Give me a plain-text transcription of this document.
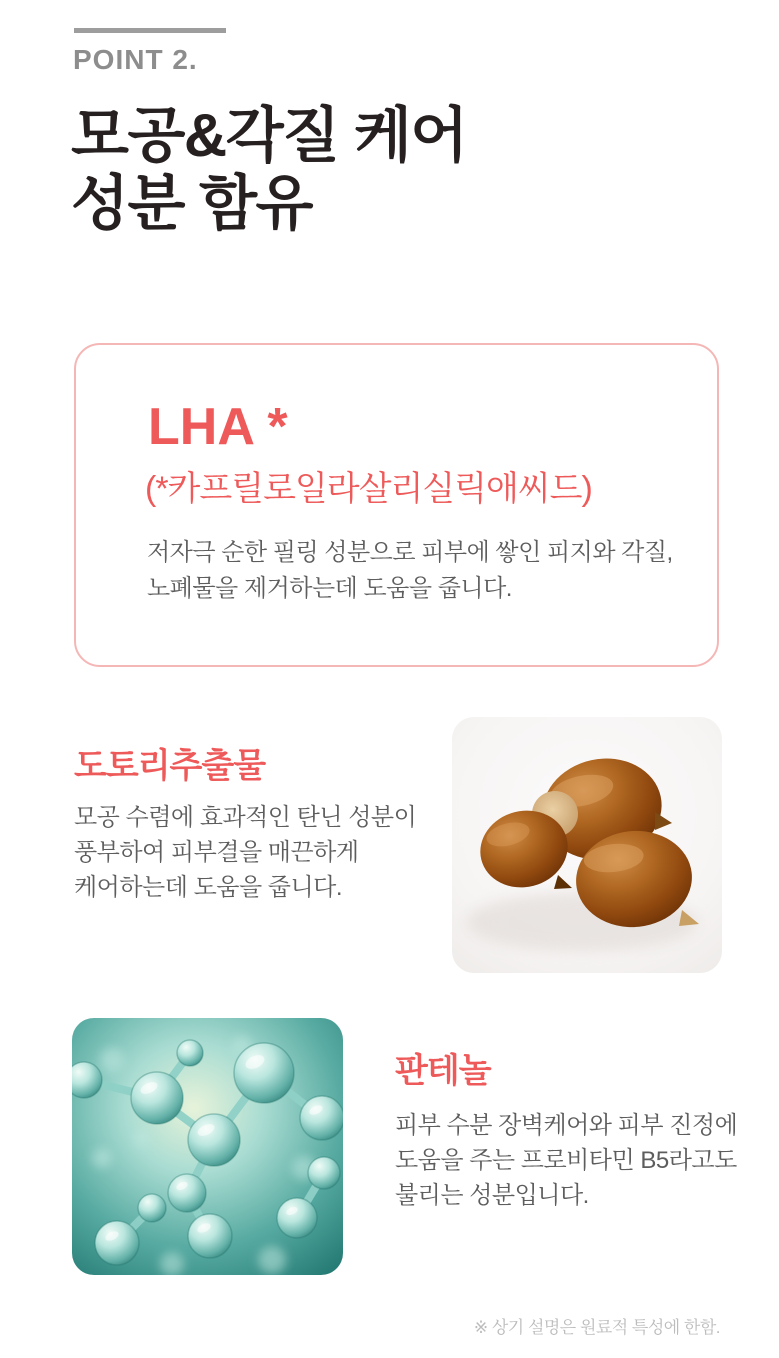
POINT 2.
모공&각질 케어
성분 함유
LHA *
(*카프릴로일라살리실릭애씨드)

저자극 순한 필링 성분으로 피부에 쌓인 피지와 각질,
노폐물을 제거하는데 도움을 줍니다.

도토리추출물

모공 수렴에 효과적인 탄닌 성분이
풍부하여 피부결을 매끈하게
케어하는데 도움을 줍니다.

판테놀

피부 수분 장벽케어와 피부 진정에
도움을 주는 프로비타민 B5라고도
불리는 성분입니다.

※ 상기 설명은 원료적 특성에 한함.
